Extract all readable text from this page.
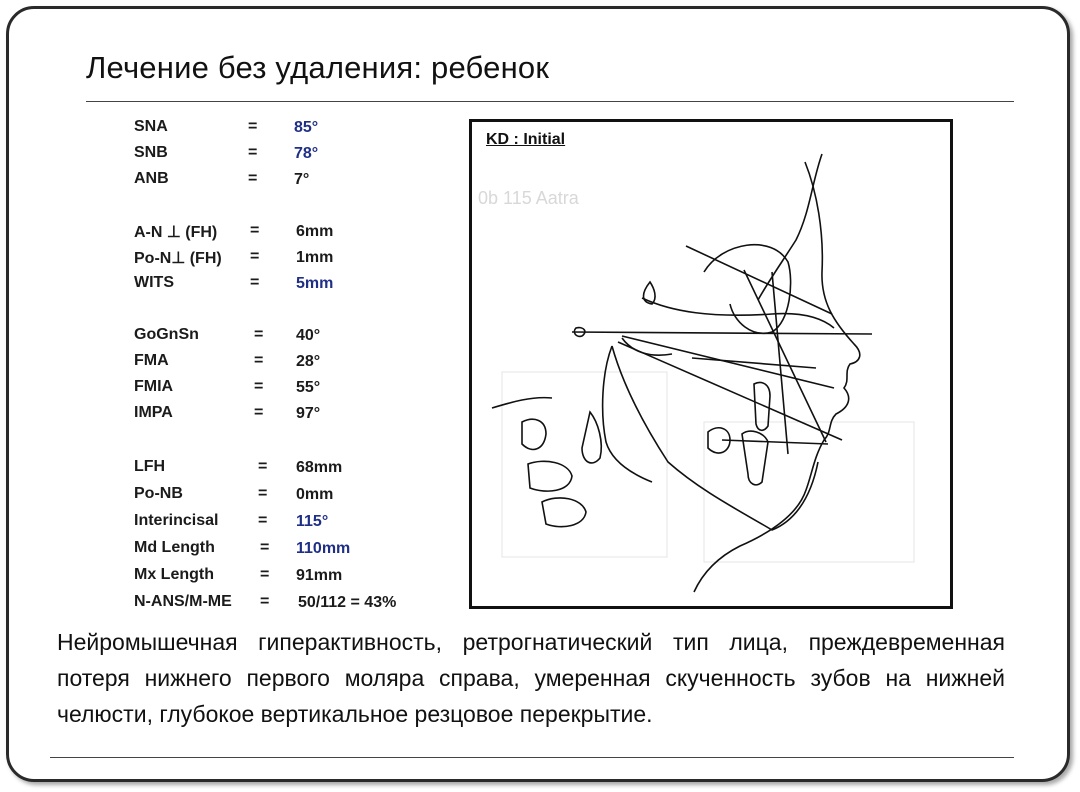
Лечение без удаления: ребенок
SNA	= 85°
SNB	= 78°
ANB	= 7°
A-N ⊥ (FH) = 6mm
Po-N⊥ (FH) = 1mm
WITS	= 5mm
GoGnSn	= 40°
FMA	= 28°
FMIA	= 55°
IMPA	= 97°
LFH	= 68mm
Po-NB	= 0mm
Interincisal = 115°
Md Length	= 110mm
Mx Length	= 91mm
N-ANS/M-ME = 50/112 = 43%
KD : Initial
0b 115 Aatra
Нейромышечная гиперактивность, ретрогнатический тип лица, преждевременная потеря нижнего первого моляра справа, умеренная скученность зубов на нижней челюсти, глубокое вертикальное резцовое перекрытие.
